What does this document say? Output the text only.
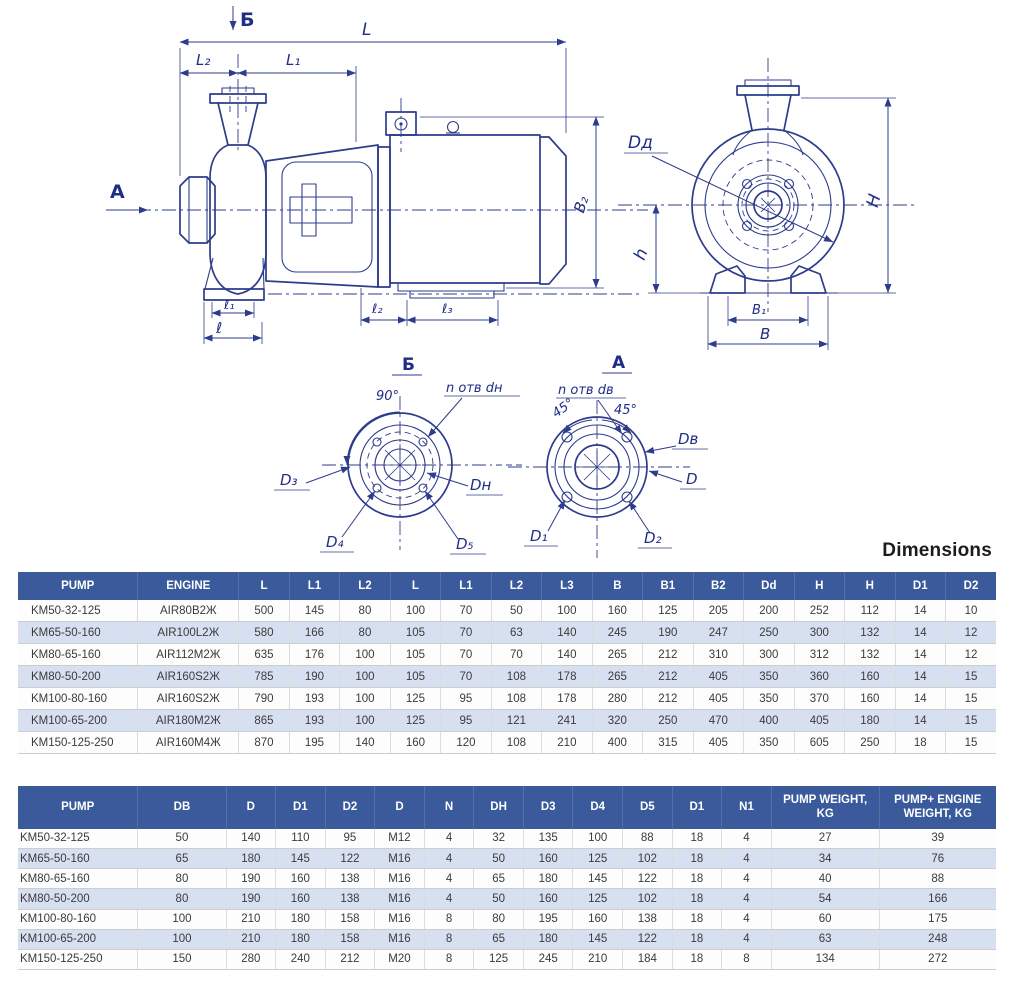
А
Б	L
L₂	L₁
ℓ₁
ℓ
ℓ₂	ℓ₃
B₂
Dд
H
h
B₁
В
Б
90°
n отв dн
D₃	Dн
D₄	D₅
А
n отв dв
45°	45°
Dв
D
D₁	D₂
Dimensions
PUMP	ENGINE	L	L1	L2	L	L1	L2	L3	B	B1	B2	Dd	H	H	D1	D2
KM50-32-125	AIR80B2Ж	500	145	80	100	70	50	100	160	125	205	200	252	112	14	10
KM65-50-160	AIR100L2Ж	580	166	80	105	70	63	140	245	190	247	250	300	132	14	12
KM80-65-160	AIR112M2Ж	635	176	100	105	70	70	140	265	212	310	300	312	132	14	12
KM80-50-200	AIR160S2Ж	785	190	100	105	70	108	178	265	212	405	350	360	160	14	15
KM100-80-160	AIR160S2Ж	790	193	100	125	95	108	178	280	212	405	350	370	160	14	15
KM100-65-200	AIR180M2Ж	865	193	100	125	95	121	241	320	250	470	400	405	180	14	15
KM150-125-250	AIR160M4Ж	870	195	140	160	120	108	210	400	315	405	350	605	250	18	15
PUMP	DB	D	D1	D2	D	N	DH	D3	D4	D5	D1	N1	PUMP WEIGHT, KG	PUMP+ ENGINE WEIGHT, KG
KM50-32-125	50	140	110	95	M12	4	32	135	100	88	18	4	27	39
KM65-50-160	65	180	145	122	M16	4	50	160	125	102	18	4	34	76
KM80-65-160	80	190	160	138	M16	4	65	180	145	122	18	4	40	88
KM80-50-200	80	190	160	138	M16	4	50	160	125	102	18	4	54	166
KM100-80-160	100	210	180	158	M16	8	80	195	160	138	18	4	60	175
KM100-65-200	100	210	180	158	M16	8	65	180	145	122	18	4	63	248
KM150-125-250	150	280	240	212	M20	8	125	245	210	184	18	8	134	272
